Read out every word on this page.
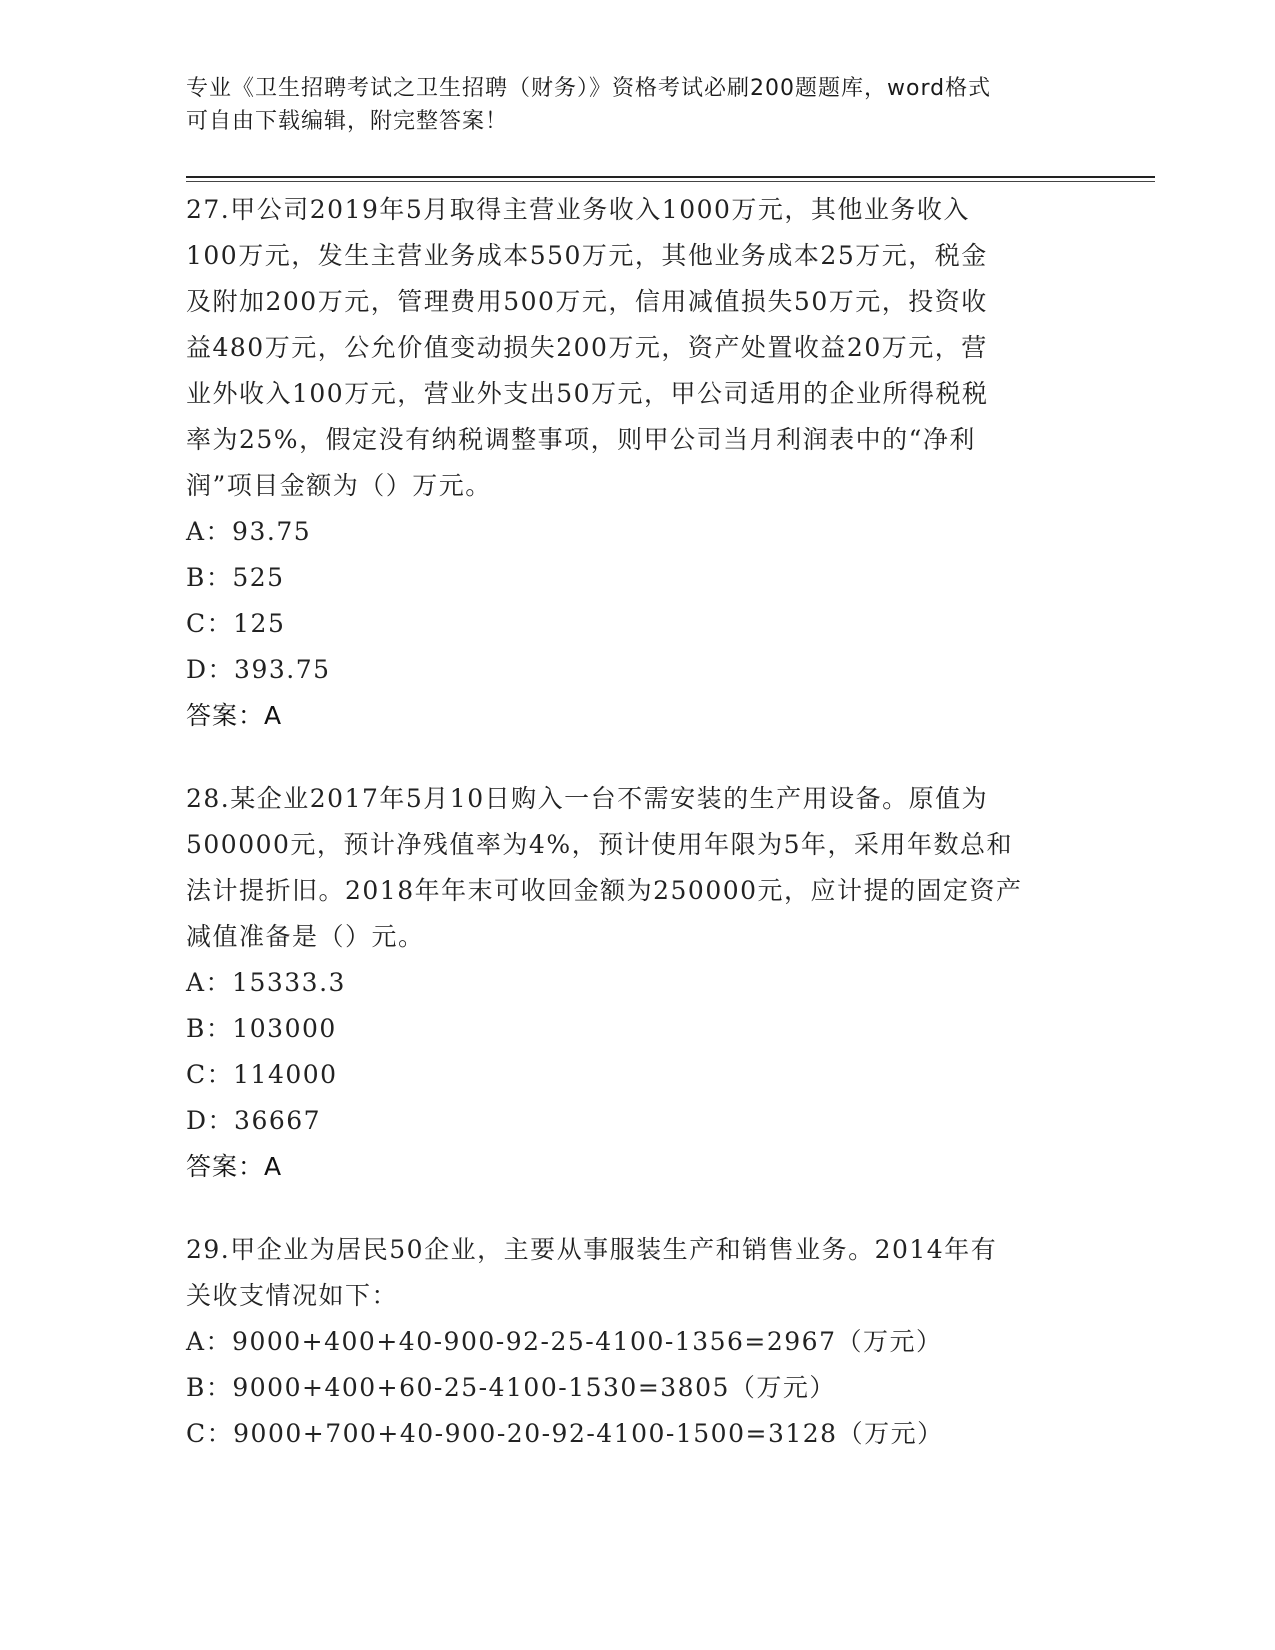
专业《卫生招聘考试之卫生招聘（财务）》资格考试必刷200题题库，word格式
可自由下载编辑，附完整答案！
27.甲公司2019年5月取得主营业务收入1000万元，其他业务收入
100万元，发生主营业务成本550万元，其他业务成本25万元，税金
及附加200万元，管理费用500万元，信用减值损失50万元，投资收
益480万元，公允价值变动损失200万元，资产处置收益20万元，营
业外收入100万元，营业外支出50万元，甲公司适用的企业所得税税
率为25%，假定没有纳税调整事项，则甲公司当月利润表中的“净利
润”项目金额为（）万元。
A：93.75
B：525
C：125
D：393.75
答案：A
28.某企业2017年5月10日购入一台不需安装的生产用设备。原值为
500000元，预计净残值率为4%，预计使用年限为5年，采用年数总和
法计提折旧。2018年年末可收回金额为250000元，应计提的固定资产
减值准备是（）元。
A：15333.3
B：103000
C：114000
D：36667
答案：A
29.甲企业为居民50企业，主要从事服装生产和销售业务。2014年有
关收支情况如下：
A：9000+400+40-900-92-25-4100-1356=2967（万元）
B：9000+400+60-25-4100-1530=3805（万元）
C：9000+700+40-900-20-92-4100-1500=3128（万元）
